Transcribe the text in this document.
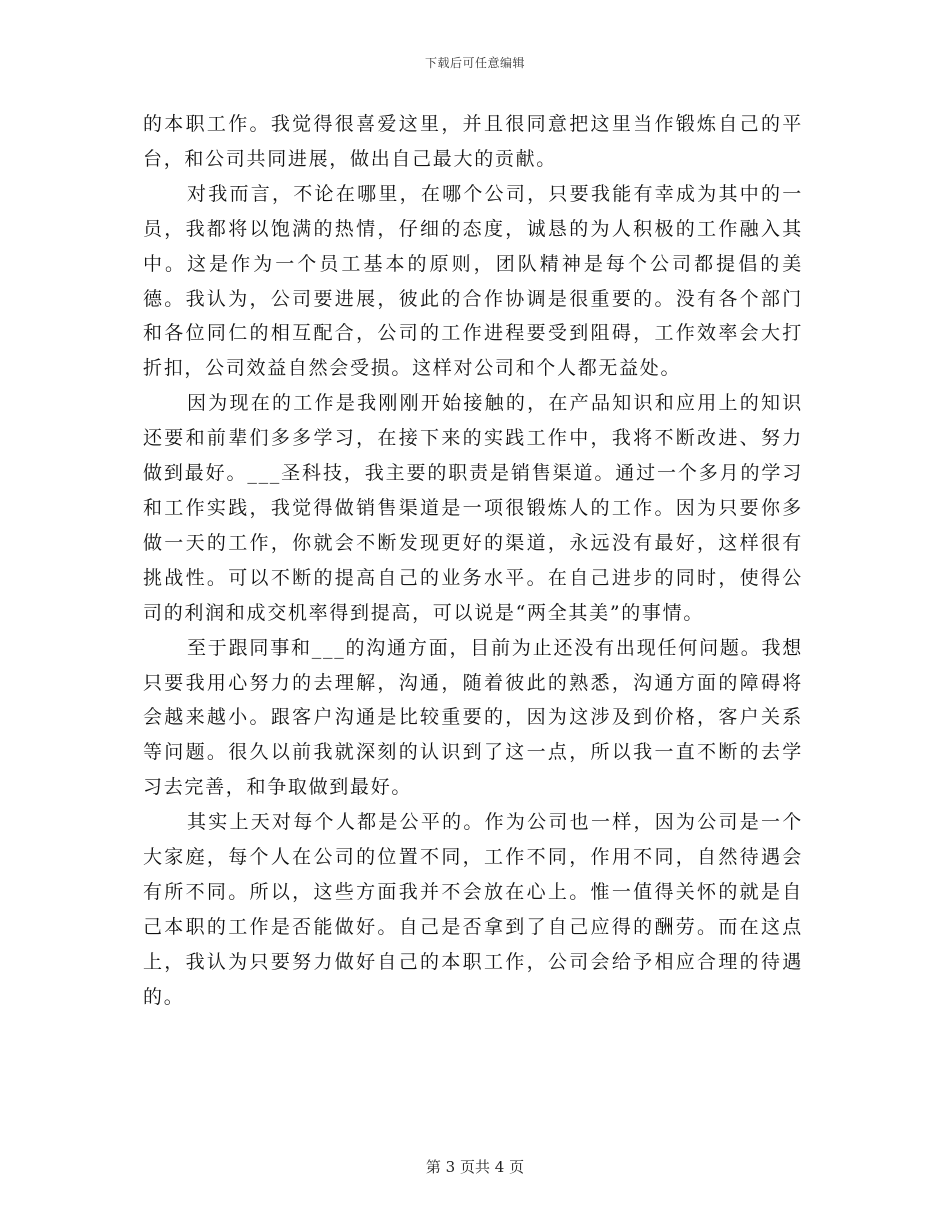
下载后可任意编辑

的本职工作。我觉得很喜爱这里，并且很同意把这里当作锻炼自己的平台，和公司共同进展，做出自己最大的贡献。

对我而言，不论在哪里，在哪个公司，只要我能有幸成为其中的一员，我都将以饱满的热情，仔细的态度，诚恳的为人积极的工作融入其中。这是作为一个员工基本的原则，团队精神是每个公司都提倡的美德。我认为，公司要进展，彼此的合作协调是很重要的。没有各个部门和各位同仁的相互配合，公司的工作进程要受到阻碍，工作效率会大打折扣，公司效益自然会受损。这样对公司和个人都无益处。

因为现在的工作是我刚刚开始接触的，在产品知识和应用上的知识还要和前辈们多多学习，在接下来的实践工作中，我将不断改进、努力做到最好。___圣科技，我主要的职责是销售渠道。通过一个多月的学习和工作实践，我觉得做销售渠道是一项很锻炼人的工作。因为只要你多做一天的工作，你就会不断发现更好的渠道，永远没有最好，这样很有挑战性。可以不断的提高自己的业务水平。在自己进步的同时，使得公司的利润和成交机率得到提高，可以说是“两全其美”的事情。

至于跟同事和___的沟通方面，目前为止还没有出现任何问题。我想只要我用心努力的去理解，沟通，随着彼此的熟悉，沟通方面的障碍将会越来越小。跟客户沟通是比较重要的，因为这涉及到价格，客户关系等问题。很久以前我就深刻的认识到了这一点，所以我一直不断的去学习去完善，和争取做到最好。

其实上天对每个人都是公平的。作为公司也一样，因为公司是一个大家庭，每个人在公司的位置不同，工作不同，作用不同，自然待遇会有所不同。所以，这些方面我并不会放在心上。惟一值得关怀的就是自己本职的工作是否能做好。自己是否拿到了自己应得的酬劳。而在这点上，我认为只要努力做好自己的本职工作，公司会给予相应合理的待遇的。

第 3 页共 4 页
